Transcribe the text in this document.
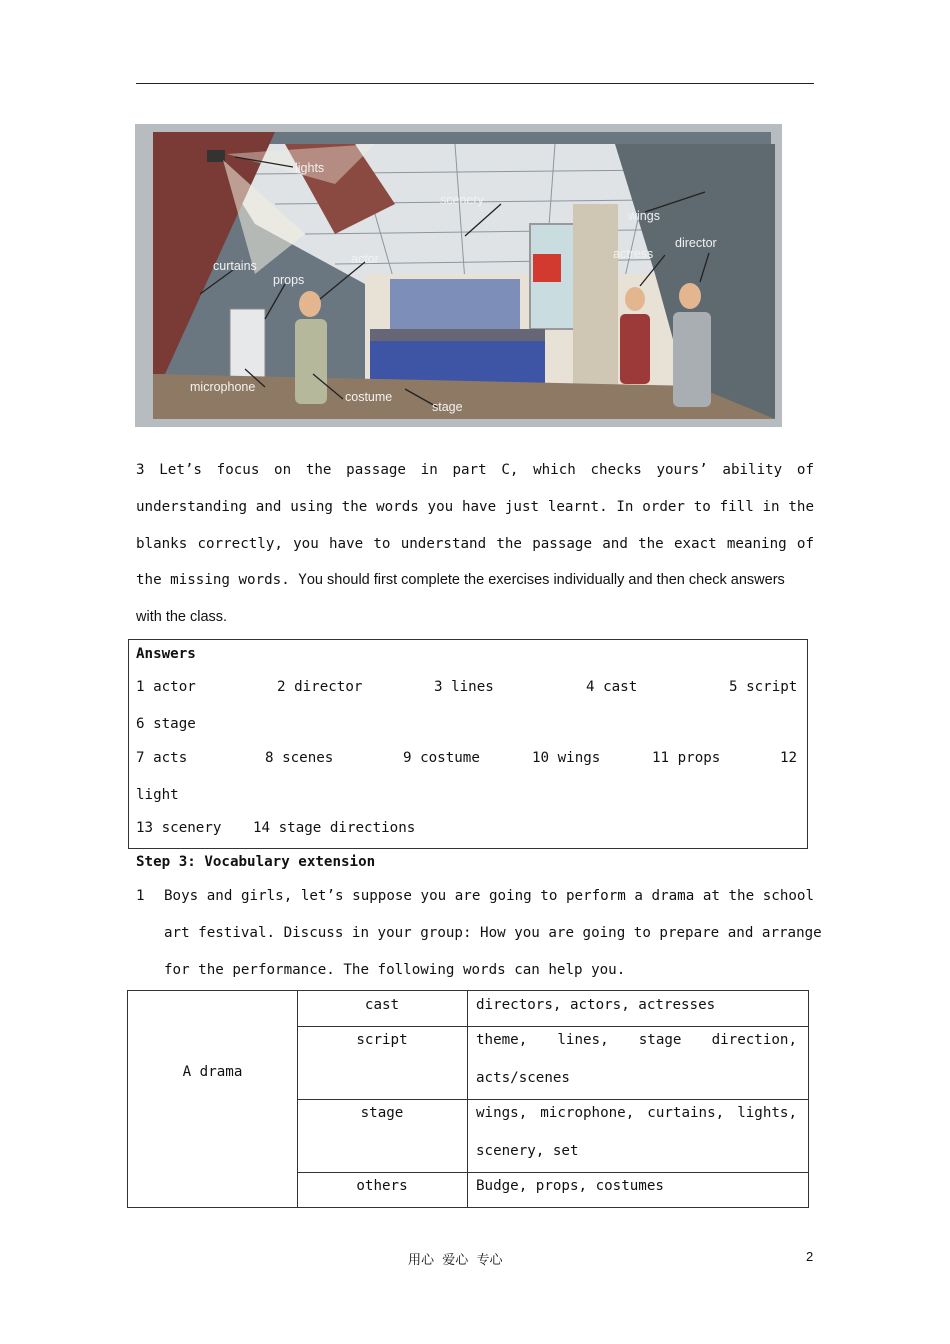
lights
scenery
wings
director
actress
curtains
props
actor
microphone
costume
stage
3 Let’s focus on the passage in part C, which checks yours’ ability of
understanding and using the words you have just learnt. In order to fill in the
blanks correctly, you have to understand the passage and the exact meaning of
the missing words. You should first complete the exercises individually and then check answers
with the class.
Answers
1 actor	2 director	3 lines	4 cast	5 script
6 stage
7 acts	8 scenes	9 costume	10 wings	11 props	12
light
13 scenery 14 stage directions
Step 3: Vocabulary extension
1 Boys and girls, let’s suppose you are going to perform a drama at the school
art festival. Discuss in your group: How you are going to prepare and arrange
for the performance. The following words can help you.
A drama
cast	directors, actors, actresses
script	theme, lines, stage direction,
acts/scenes
stage	wings, microphone, curtains, lights,
scenery, set
others	Budge, props, costumes
用心  爱心  专心	2
